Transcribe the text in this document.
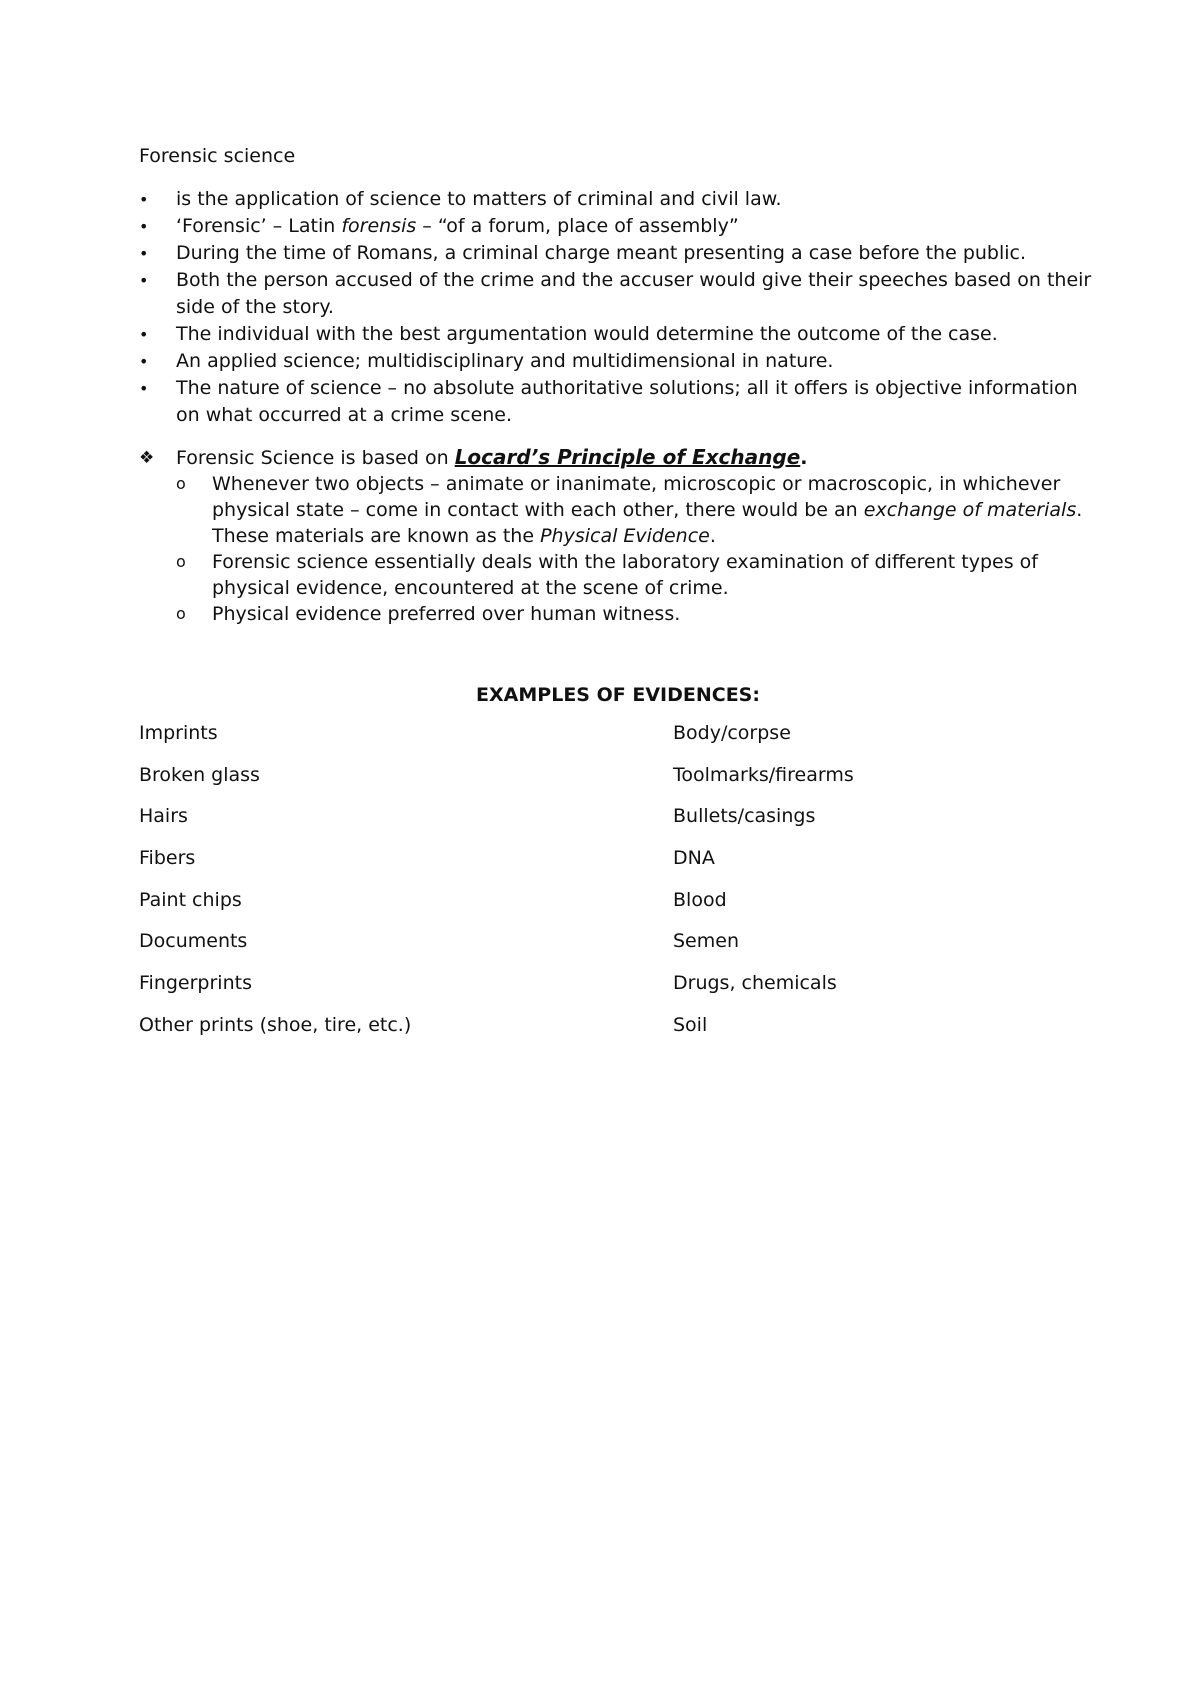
Forensic science
• is the application of science to matters of criminal and civil law.
• ‘Forensic’ – Latin forensis – “of a forum, place of assembly”
• During the time of Romans, a criminal charge meant presenting a case before the public.
• Both the person accused of the crime and the accuser would give their speeches based on their side of the story.
• The individual with the best argumentation would determine the outcome of the case.
• An applied science; multidisciplinary and multidimensional in nature.
• The nature of science – no absolute authoritative solutions; all it offers is objective information on what occurred at a crime scene.
❖ Forensic Science is based on Locard’s Principle of Exchange.
o Whenever two objects – animate or inanimate, microscopic or macroscopic, in whichever physical state – come in contact with each other, there would be an exchange of materials. These materials are known as the Physical Evidence.
o Forensic science essentially deals with the laboratory examination of different types of physical evidence, encountered at the scene of crime.
o Physical evidence preferred over human witness.
EXAMPLES OF EVIDENCES:
Imprints	Body/corpse
Broken glass	Toolmarks/firearms
Hairs	Bullets/casings
Fibers	DNA
Paint chips	Blood
Documents	Semen
Fingerprints	Drugs, chemicals
Other prints (shoe, tire, etc.)	Soil
